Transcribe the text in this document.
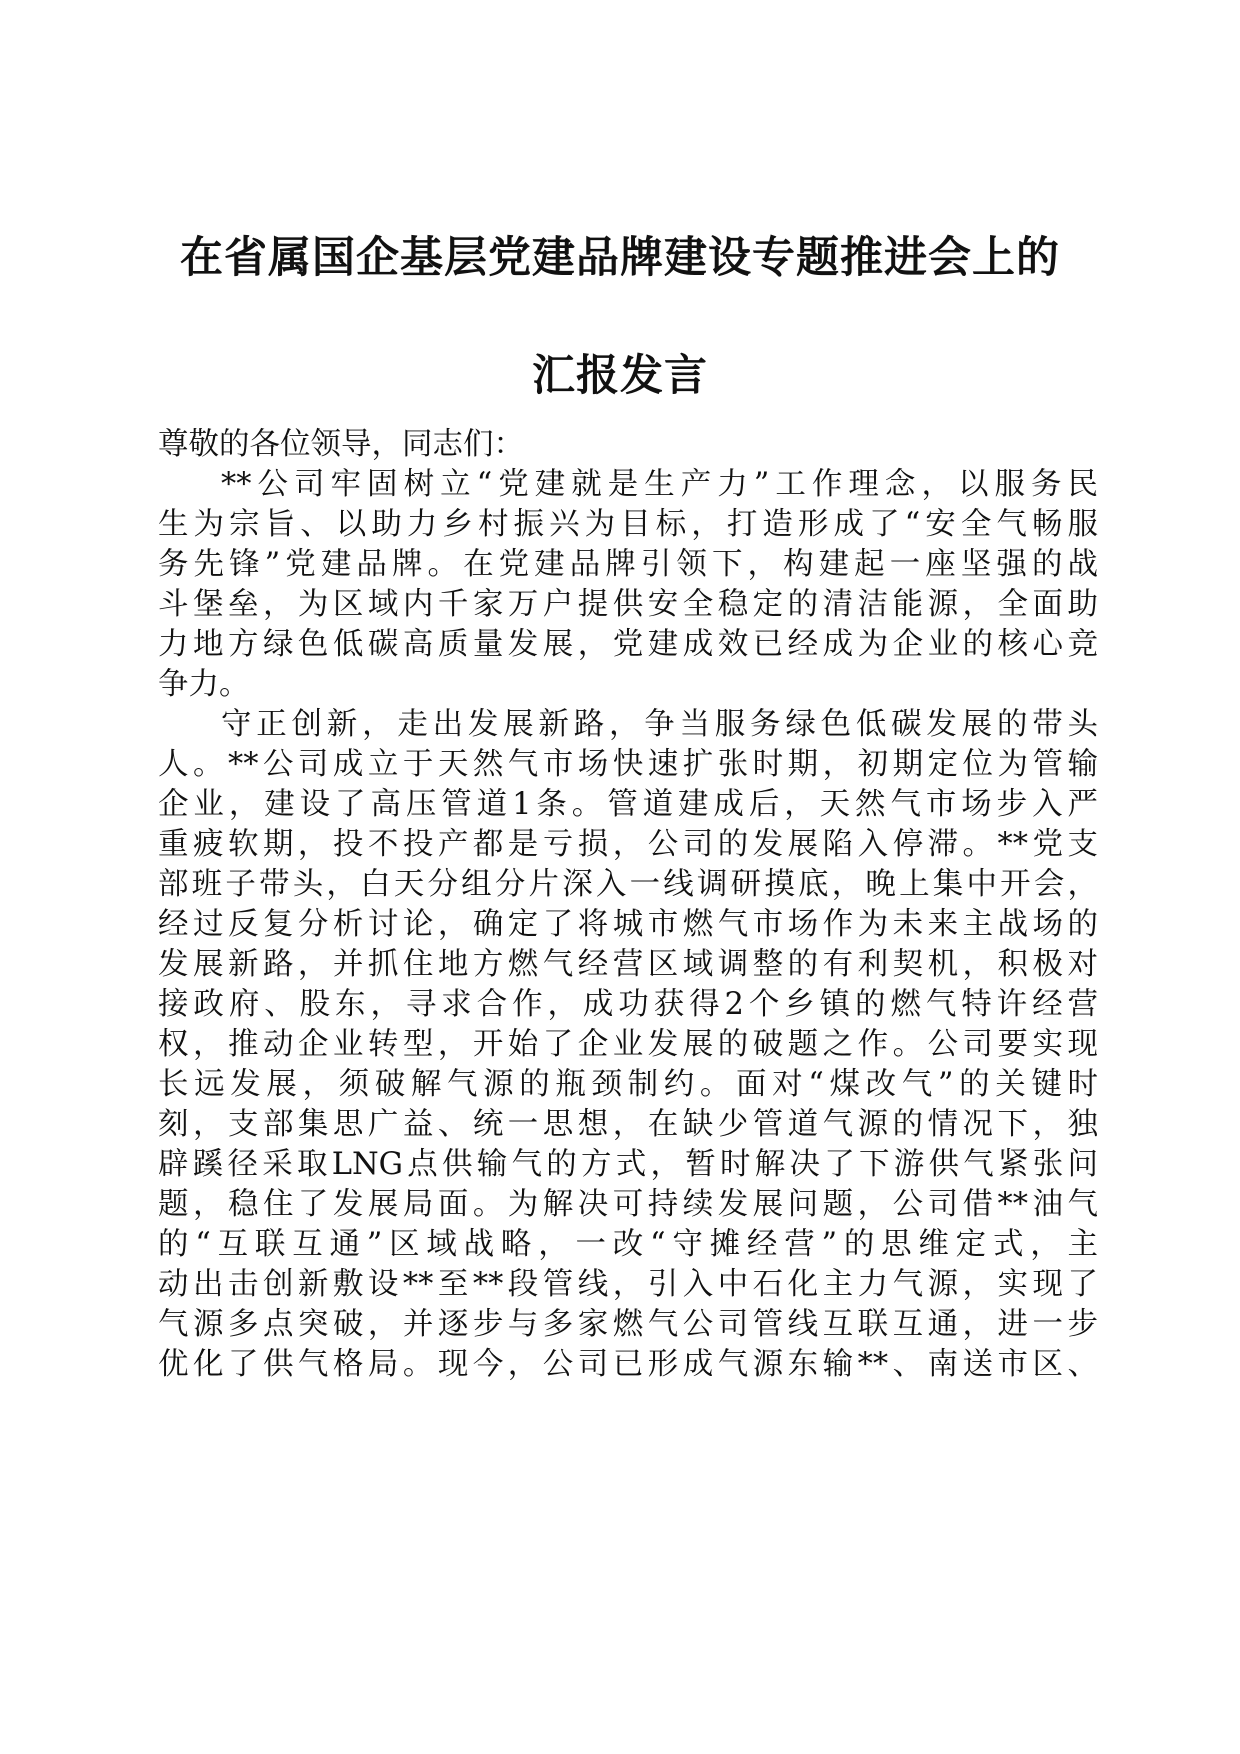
在省属国企基层党建品牌建设专题推进会上的
汇报发言

尊敬的各位领导，同志们：

**公司牢固树立“党建就是生产力”工作理念，以服务民

生为宗旨、以助力乡村振兴为目标，打造形成了“安全气畅服

务先锋”党建品牌。在党建品牌引领下，构建起一座坚强的战

斗堡垒，为区域内千家万户提供安全稳定的清洁能源，全面助

力地方绿色低碳高质量发展，党建成效已经成为企业的核心竞

争力。

守正创新，走出发展新路，争当服务绿色低碳发展的带头

人。**公司成立于天然气市场快速扩张时期，初期定位为管输

企业，建设了高压管道1条。管道建成后，天然气市场步入严

重疲软期，投不投产都是亏损，公司的发展陷入停滞。**党支

部班子带头，白天分组分片深入一线调研摸底，晚上集中开会，

经过反复分析讨论，确定了将城市燃气市场作为未来主战场的

发展新路，并抓住地方燃气经营区域调整的有利契机，积极对

接政府、股东，寻求合作，成功获得2个乡镇的燃气特许经营

权，推动企业转型，开始了企业发展的破题之作。公司要实现

长远发展，须破解气源的瓶颈制约。面对“煤改气”的关键时

刻，支部集思广益、统一思想，在缺少管道气源的情况下，独

辟蹊径采取LNG点供输气的方式，暂时解决了下游供气紧张问

题，稳住了发展局面。为解决可持续发展问题，公司借**油气

的“互联互通”区域战略，一改“守摊经营”的思维定式，主

动出击创新敷设**至**段管线，引入中石化主力气源，实现了

气源多点突破，并逐步与多家燃气公司管线互联互通，进一步

优化了供气格局。现今，公司已形成气源东输**、南送市区、
